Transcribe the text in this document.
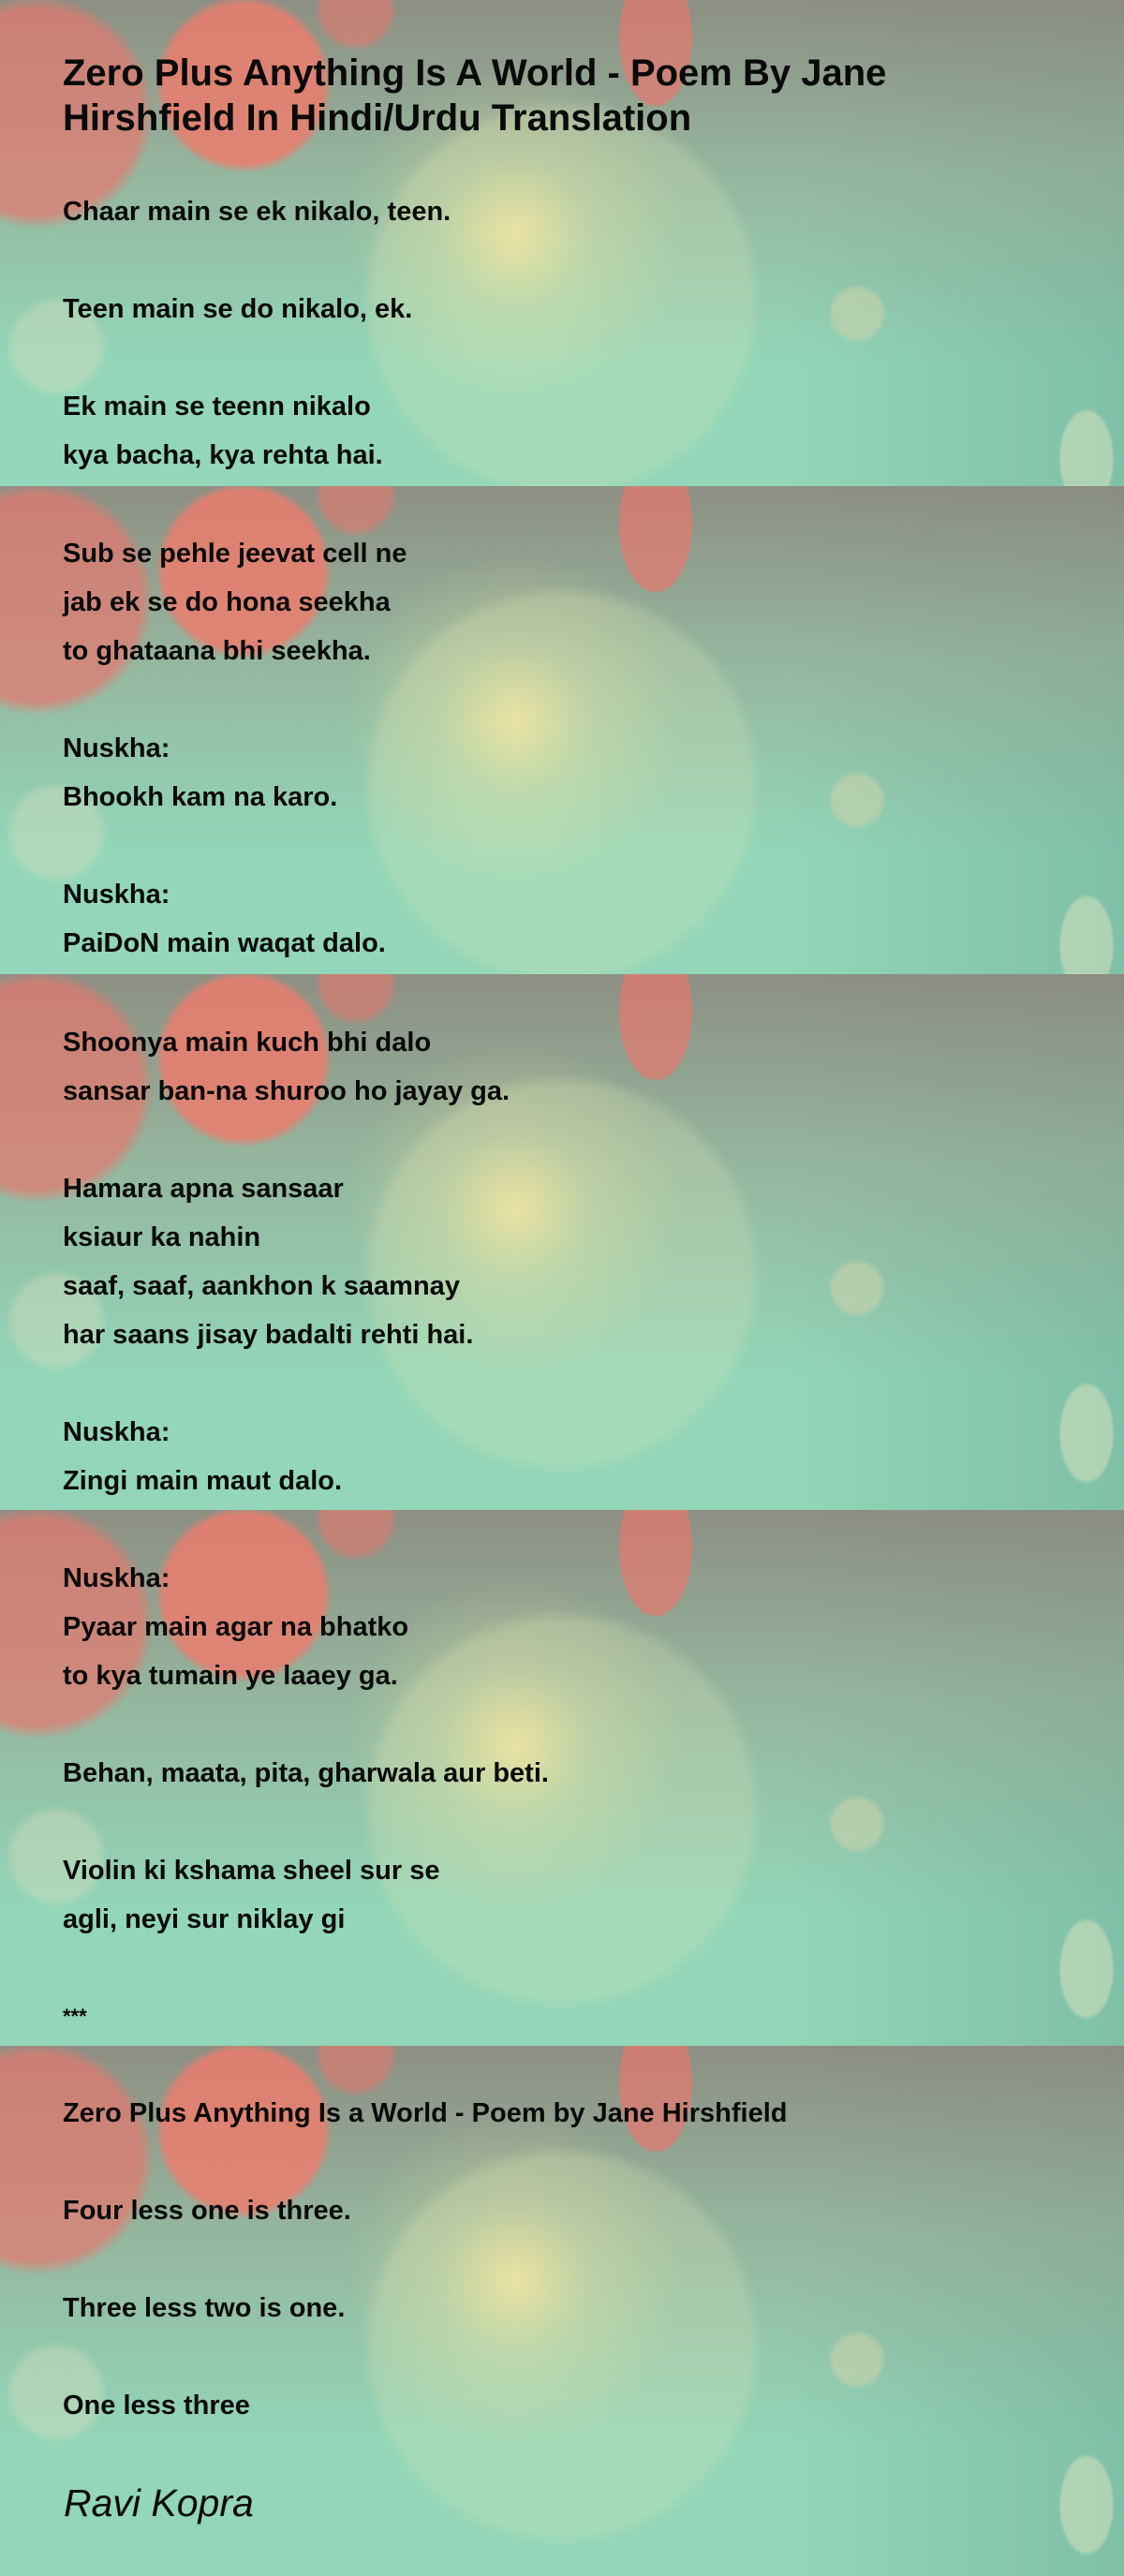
Zero Plus Anything Is A World - Poem By Jane
Hirshfield In Hindi/Urdu Translation
Chaar main se ek nikalo, teen.
Teen main se do nikalo, ek.
Ek main se teenn nikalo
kya bacha, kya rehta hai.
Sub se pehle jeevat cell ne
jab ek se do hona seekha
to ghataana bhi seekha.
Nuskha:
Bhookh kam na karo.
Nuskha:
PaiDoN main waqat dalo.
Shoonya main kuch bhi dalo
sansar ban-na shuroo ho jayay ga.
Hamara apna sansaar
ksiaur ka nahin
saaf, saaf, aankhon k saamnay
har saans jisay badalti rehti hai.
Nuskha:
Zingi main maut dalo.
Nuskha:
Pyaar main agar na bhatko
to kya tumain ye laaey ga.
Behan, maata, pita, gharwala aur beti.
Violin ki kshama sheel sur se
agli, neyi sur niklay gi
***
Zero Plus Anything Is a World - Poem by Jane Hirshfield
Four less one is three.
Three less two is one.
One less three
Ravi Kopra
